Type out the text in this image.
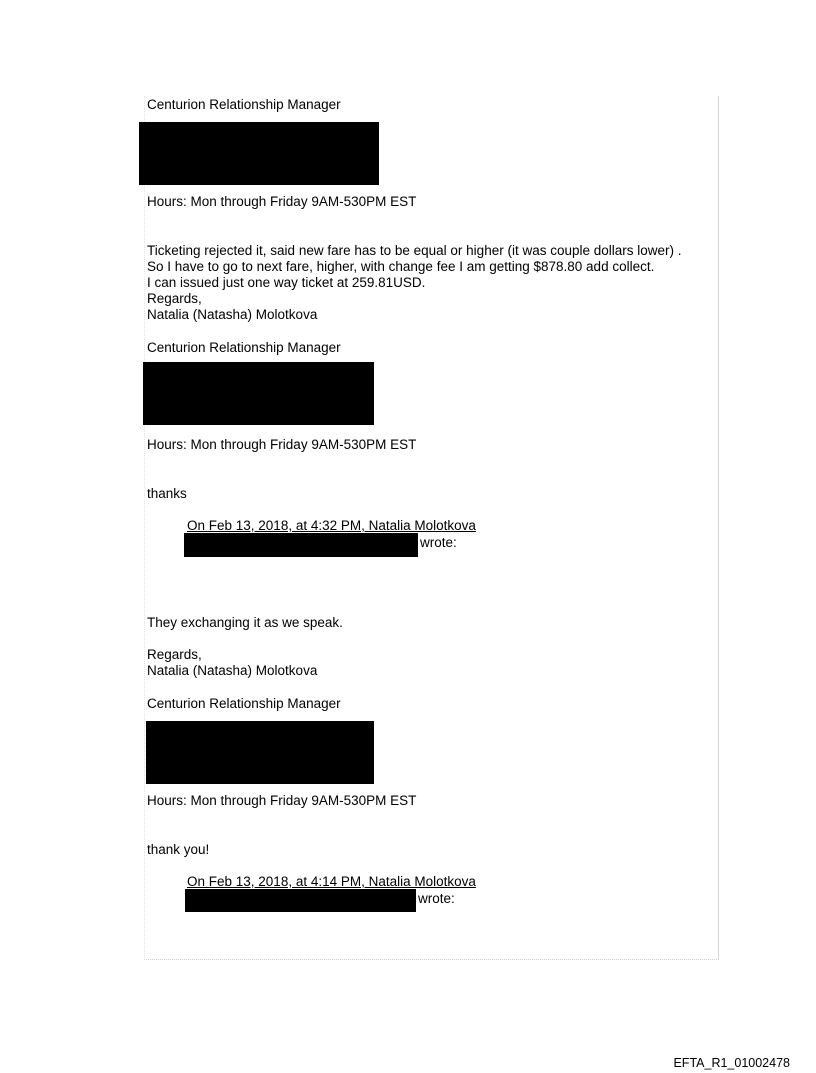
Centurion Relationship Manager
Hours: Mon through Friday 9AM-530PM EST
Ticketing rejected it, said new fare has to be equal or higher (it was couple dollars lower) .
So I have to go to next fare, higher, with change fee I am getting $878.80 add collect.
I can issued just one way ticket at 259.81USD.
Regards,
Natalia (Natasha) Molotkova
Centurion Relationship Manager
Hours: Mon through Friday 9AM-530PM EST
thanks
On Feb 13, 2018, at 4:32 PM, Natalia Molotkova
wrote:
They exchanging it as we speak.
Regards,
Natalia (Natasha) Molotkova
Centurion Relationship Manager
Hours: Mon through Friday 9AM-530PM EST
thank you!
On Feb 13, 2018, at 4:14 PM, Natalia Molotkova
wrote:
EFTA_R1_01002478
